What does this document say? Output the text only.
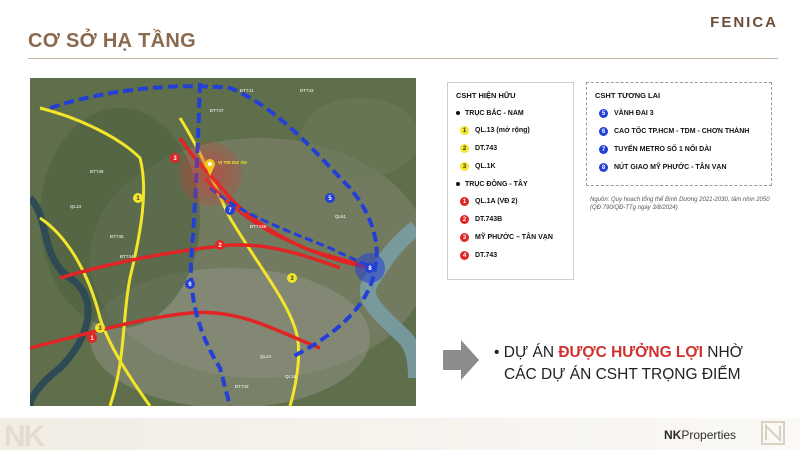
CƠ SỞ HẠ TẦNG
FENICA
1
3
3
3
2
1
7
5
6
8
VỊ TRÍ DỰ ÁN
ĐT741	ĐT743
ĐT746
ĐT747
ĐT745
ĐT744
QL13
QL1K
QL1A
ĐT743B
QL51
ĐT743
CSHT HIỆN HỮU
TRỤC BẮC - NAM
1	QL.13 (mở rộng)
2	DT.743
3	QL.1K
TRỤC ĐÔNG - TÂY
1	QL.1A (VĐ 2)
2	DT.743B
3	MỸ PHƯỚC – TÂN VẠN
4	DT.743
CSHT TƯƠNG LAI
5	VÀNH ĐAI 3
6	CAO TỐC TP.HCM - TDM - CHƠN THÀNH
7	TUYẾN METRO SỐ 1 NỐI DÀI
8	NÚT GIAO MỸ PHƯỚC - TÂN VẠN
Nguồn: Quy hoạch tổng thể Bình Dương 2021-2030, tầm nhìn 2050 (QĐ 790/QĐ-TTg ngày 3/8/2024)
• DỰ ÁN ĐƯỢC HƯỞNG LỢI NHỜ
CÁC DỰ ÁN CSHT TRỌNG ĐIỂM
NK	NKProperties
